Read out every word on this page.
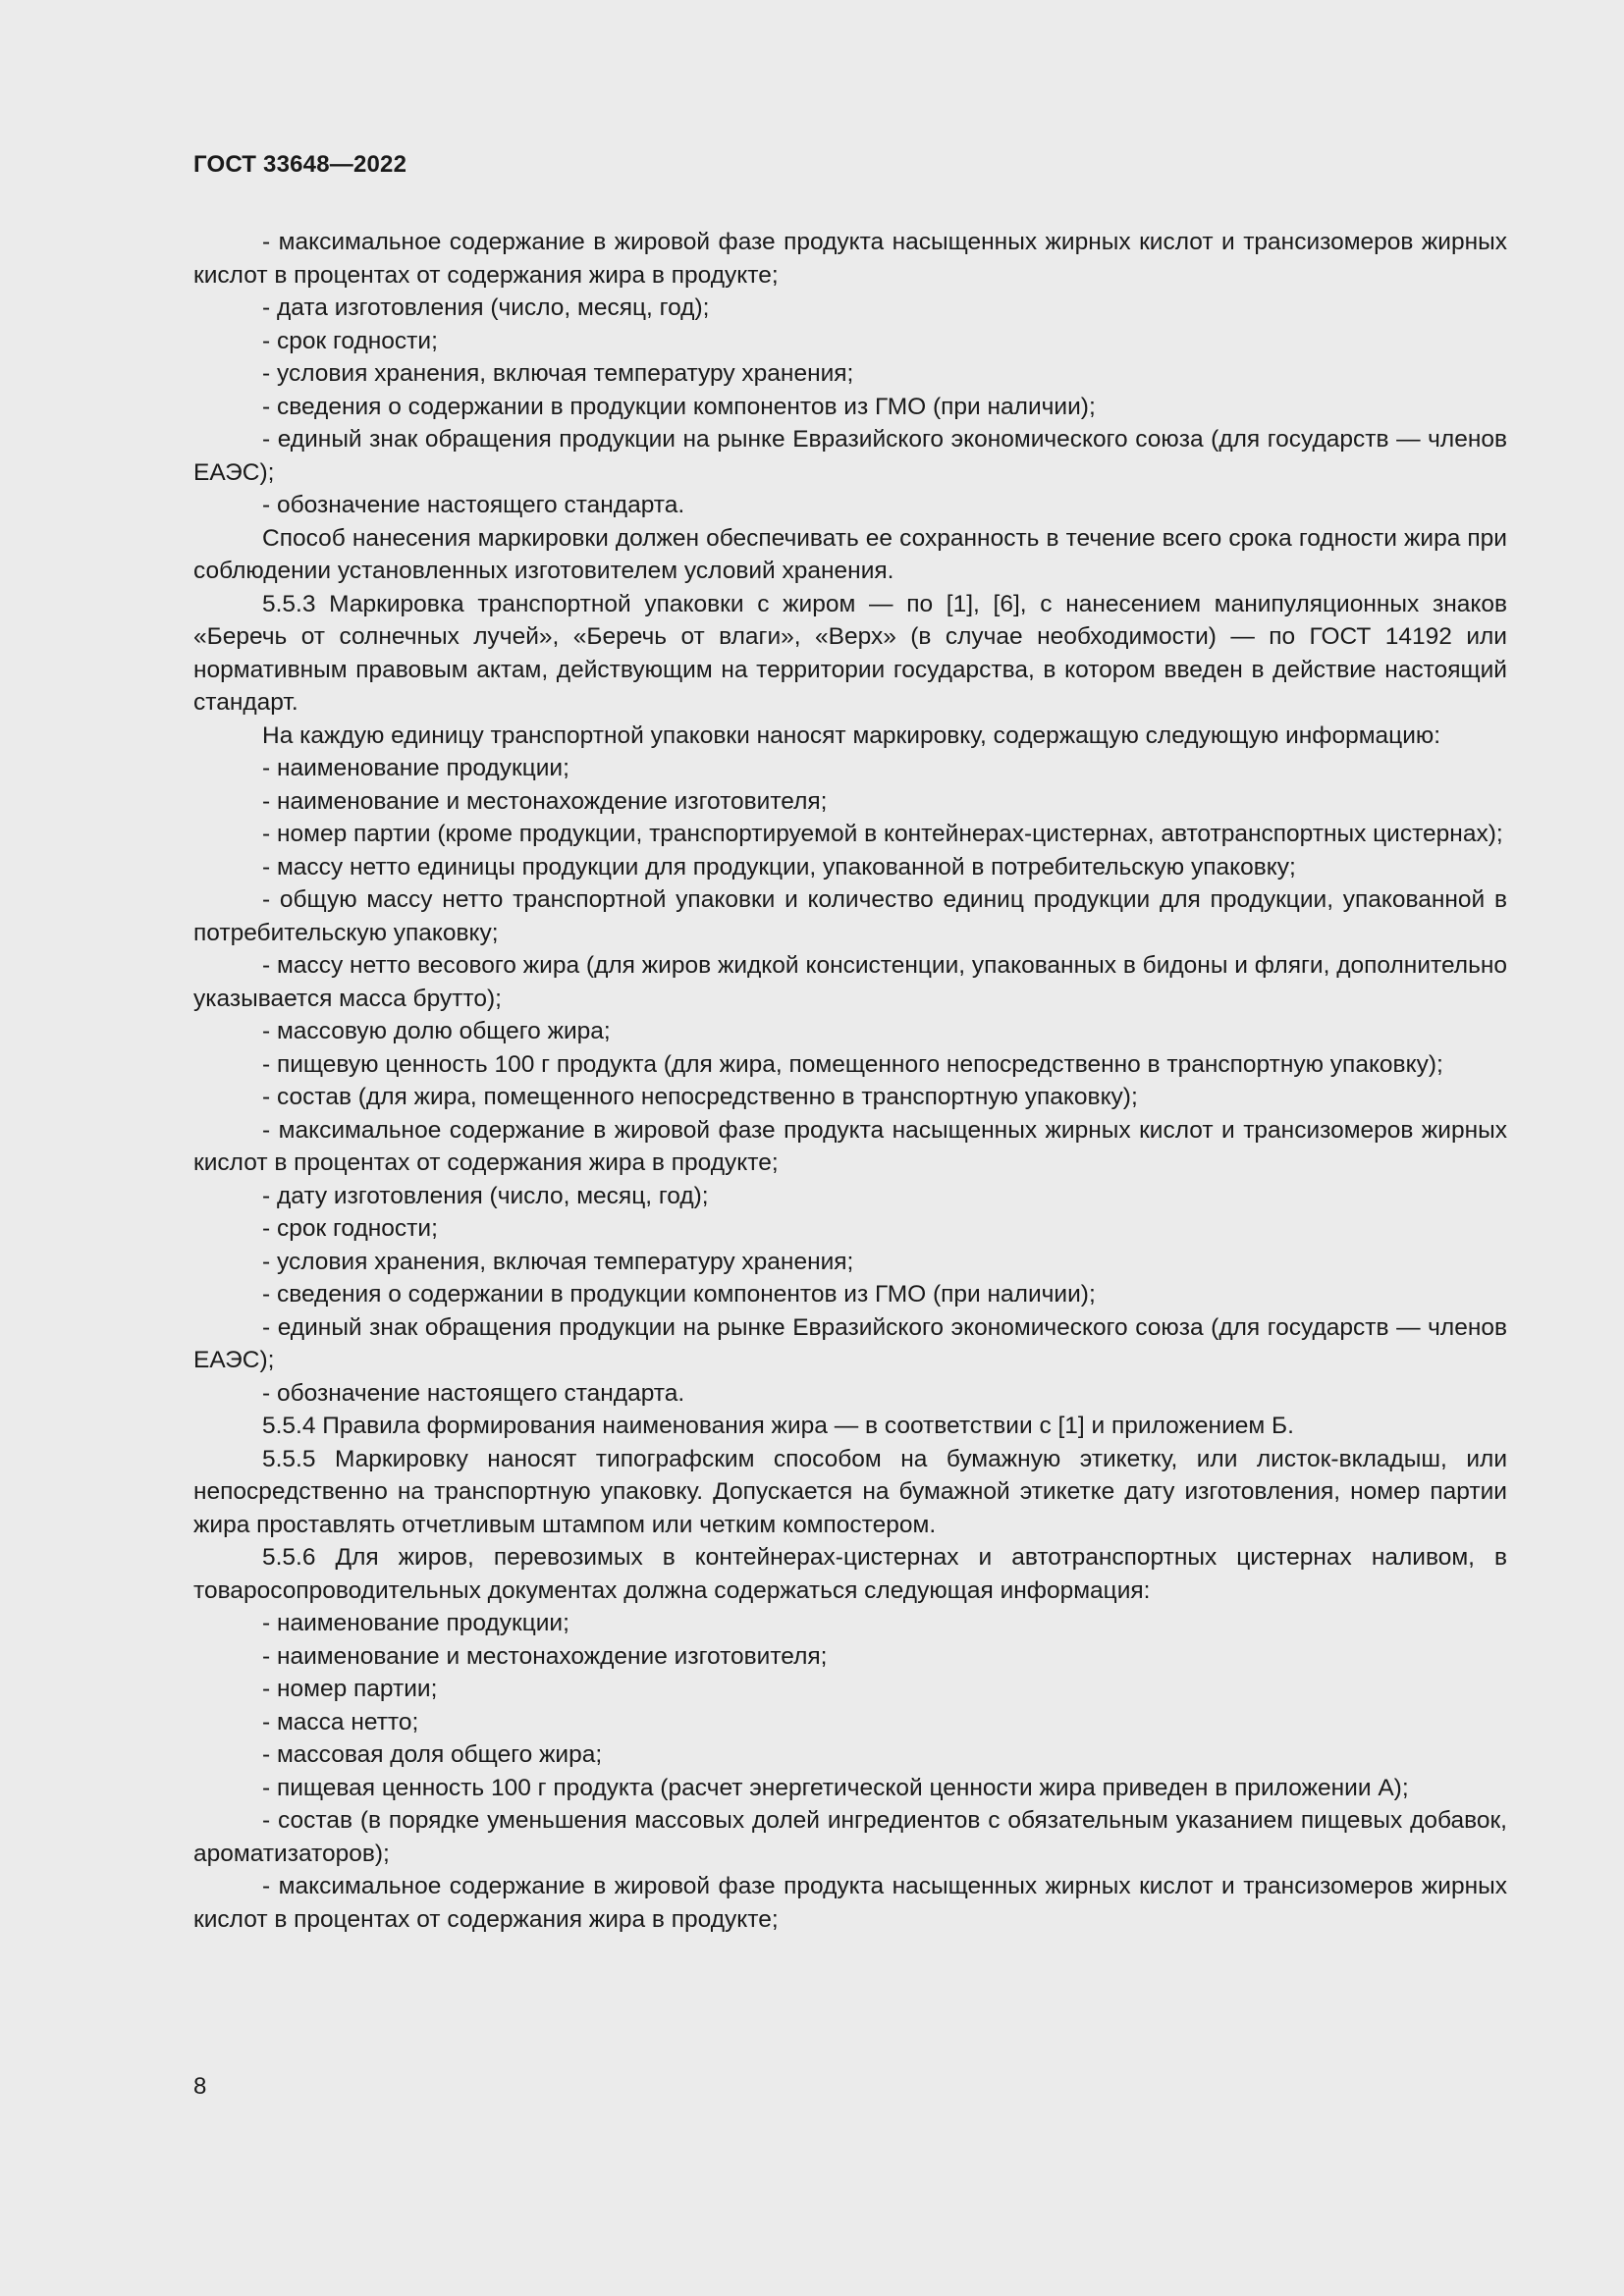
ГОСТ 33648—2022

- максимальное содержание в жировой фазе продукта насыщенных жирных кислот и трансизомеров жирных кислот в процентах от содержания жира в продукте;

- дата изготовления (число, месяц, год);

- срок годности;

- условия хранения, включая температуру хранения;

- сведения о содержании в продукции компонентов из ГМО (при наличии);

- единый знак обращения продукции на рынке Евразийского экономического союза (для государств — членов ЕАЭС);

- обозначение настоящего стандарта.

Способ нанесения маркировки должен обеспечивать ее сохранность в течение всего срока годности жира при соблюдении установленных изготовителем условий хранения.

5.5.3 Маркировка транспортной упаковки с жиром — по [1], [6], с нанесением манипуляционных знаков «Беречь от солнечных лучей», «Беречь от влаги», «Верх» (в случае необходимости) — по ГОСТ 14192 или нормативным правовым актам, действующим на территории государства, в котором введен в действие настоящий стандарт.

На каждую единицу транспортной упаковки наносят маркировку, содержащую следующую информацию:

- наименование продукции;

- наименование и местонахождение изготовителя;

- номер партии (кроме продукции, транспортируемой в контейнерах-цистернах, автотранспортных цистернах);

- массу нетто единицы продукции для продукции, упакованной в потребительскую упаковку;

- общую массу нетто транспортной упаковки и количество единиц продукции для продукции, упакованной в потребительскую упаковку;

- массу нетто весового жира (для жиров жидкой консистенции, упакованных в бидоны и фляги, дополнительно указывается масса брутто);

- массовую долю общего жира;

- пищевую ценность 100 г продукта (для жира, помещенного непосредственно в транспортную упаковку);

- состав (для жира, помещенного непосредственно в транспортную упаковку);

- максимальное содержание в жировой фазе продукта насыщенных жирных кислот и трансизомеров жирных кислот в процентах от содержания жира в продукте;

- дату изготовления (число, месяц, год);

- срок годности;

- условия хранения, включая температуру хранения;

- сведения о содержании в продукции компонентов из ГМО (при наличии);

- единый знак обращения продукции на рынке Евразийского экономического союза (для государств — членов ЕАЭС);

- обозначение настоящего стандарта.

5.5.4 Правила формирования наименования жира — в соответствии с [1] и приложением Б.

5.5.5 Маркировку наносят типографским способом на бумажную этикетку, или листок-вкладыш, или непосредственно на транспортную упаковку. Допускается на бумажной этикетке дату изготовления, номер партии жира проставлять отчетливым штампом или четким компостером.

5.5.6 Для жиров, перевозимых в контейнерах-цистернах и автотранспортных цистернах наливом, в товаросопроводительных документах должна содержаться следующая информация:

- наименование продукции;

- наименование и местонахождение изготовителя;

- номер партии;

- масса нетто;

- массовая доля общего жира;

- пищевая ценность 100 г продукта (расчет энергетической ценности жира приведен в приложении А);

- состав (в порядке уменьшения массовых долей ингредиентов с обязательным указанием пищевых добавок, ароматизаторов);

- максимальное содержание в жировой фазе продукта насыщенных жирных кислот и трансизомеров жирных кислот в процентах от содержания жира в продукте;

8
